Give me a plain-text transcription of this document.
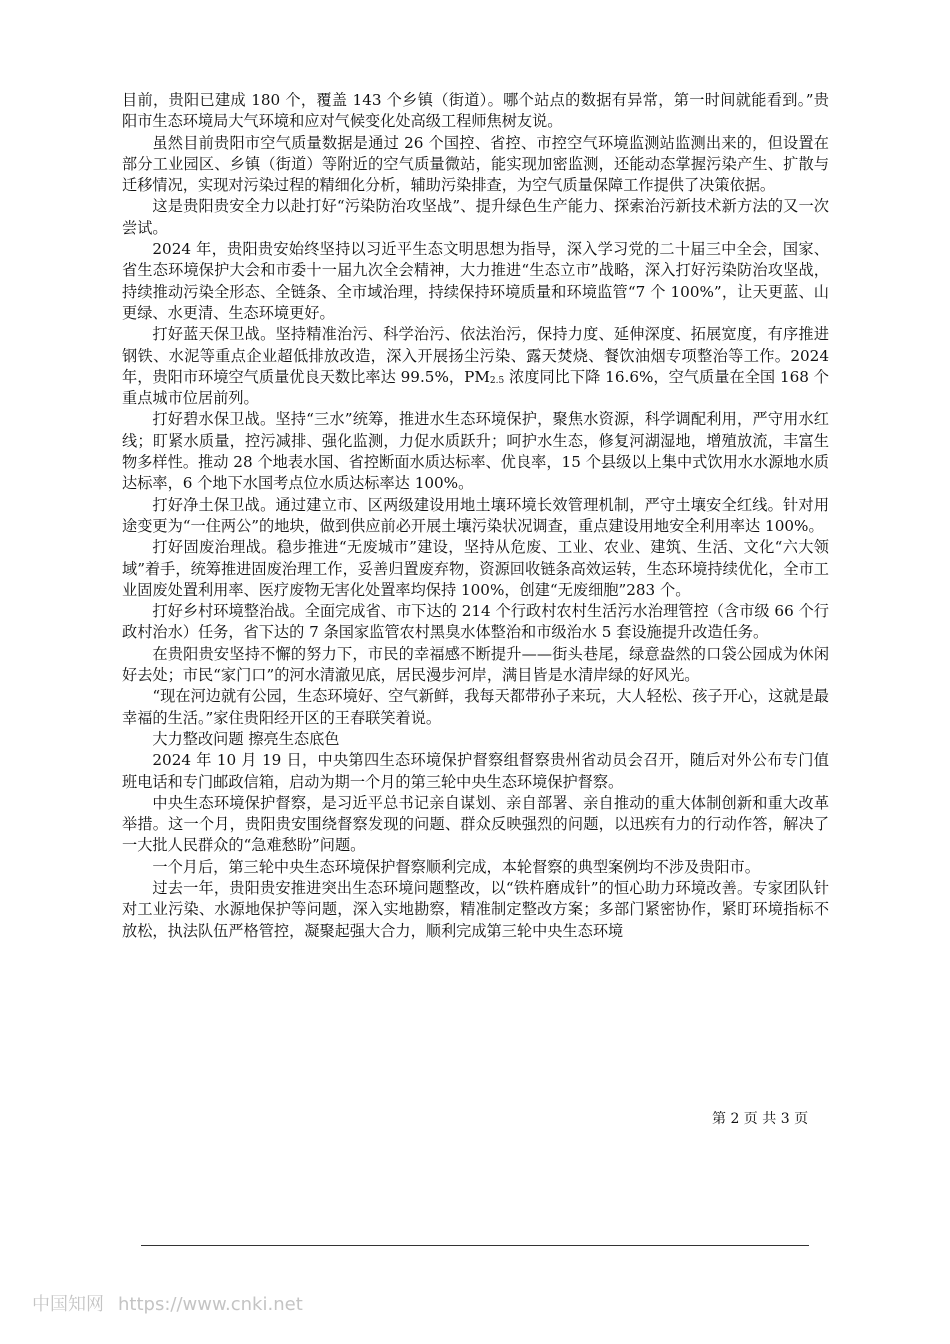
目前，贵阳已建成 180 个，覆盖 143 个乡镇（街道）。哪个站点的数据有异常，第一时间就能看到。”贵阳市生态环境局大气环境和应对气候变化处高级工程师焦树友说。

虽然目前贵阳市空气质量数据是通过 26 个国控、省控、市控空气环境监测站监测出来的，但设置在部分工业园区、乡镇（街道）等附近的空气质量微站，能实现加密监测，还能动态掌握污染产生、扩散与迁移情况，实现对污染过程的精细化分析，辅助污染排查，为空气质量保障工作提供了决策依据。

这是贵阳贵安全力以赴打好“污染防治攻坚战”、提升绿色生产能力、探索治污新技术新方法的又一次尝试。

2024 年，贵阳贵安始终坚持以习近平生态文明思想为指导，深入学习党的二十届三中全会，国家、省生态环境保护大会和市委十一届九次全会精神，大力推进“生态立市”战略，深入打好污染防治攻坚战，持续推动污染全形态、全链条、全市域治理，持续保持环境质量和环境监管“7 个 100%”，让天更蓝、山更绿、水更清、生态环境更好。

打好蓝天保卫战。坚持精准治污、科学治污、依法治污，保持力度、延伸深度、拓展宽度，有序推进钢铁、水泥等重点企业超低排放改造，深入开展扬尘污染、露天焚烧、餐饮油烟专项整治等工作。2024 年，贵阳市环境空气质量优良天数比率达 99.5%，$PM_{2.5}$ 浓度同比下降 16.6%，空气质量在全国 168 个重点城市位居前列。

打好碧水保卫战。坚持“三水”统筹，推进水生态环境保护，聚焦水资源，科学调配利用，严守用水红线；盯紧水质量，控污减排、强化监测，力促水质跃升；呵护水生态，修复河湖湿地，增殖放流，丰富生物多样性。推动 28 个地表水国、省控断面水质达标率、优良率，15 个县级以上集中式饮用水水源地水质达标率，6 个地下水国考点位水质达标率达 100%。

打好净土保卫战。通过建立市、区两级建设用地土壤环境长效管理机制，严守土壤安全红线。针对用途变更为“一住两公”的地块，做到供应前必开展土壤污染状况调查，重点建设用地安全利用率达 100%。

打好固废治理战。稳步推进“无废城市”建设，坚持从危废、工业、农业、建筑、生活、文化“六大领域”着手，统筹推进固废治理工作，妥善归置废弃物，资源回收链条高效运转，生态环境持续优化，全市工业固废处置利用率、医疗废物无害化处置率均保持 100%，创建“无废细胞”283 个。

打好乡村环境整治战。全面完成省、市下达的 214 个行政村农村生活污水治理管控（含市级 66 个行政村治水）任务，省下达的 7 条国家监管农村黑臭水体整治和市级治水 5 套设施提升改造任务。

在贵阳贵安坚持不懈的努力下，市民的幸福感不断提升——街头巷尾，绿意盎然的口袋公园成为休闲好去处；市民“家门口”的河水清澈见底，居民漫步河岸，满目皆是水清岸绿的好风光。

“现在河边就有公园，生态环境好、空气新鲜，我每天都带孙子来玩，大人轻松、孩子开心，这就是最幸福的生活。”家住贵阳经开区的王春联笑着说。

大力整改问题 擦亮生态底色

2024 年 10 月 19 日，中央第四生态环境保护督察组督察贵州省动员会召开，随后对外公布专门值班电话和专门邮政信箱，启动为期一个月的第三轮中央生态环境保护督察。

中央生态环境保护督察，是习近平总书记亲自谋划、亲自部署、亲自推动的重大体制创新和重大改革举措。这一个月，贵阳贵安围绕督察发现的问题、群众反映强烈的问题，以迅疾有力的行动作答，解决了一大批人民群众的“急难愁盼”问题。

一个月后，第三轮中央生态环境保护督察顺利完成，本轮督察的典型案例均不涉及贵阳市。

过去一年，贵阳贵安推进突出生态环境问题整改，以“铁杵磨成针”的恒心助力环境改善。专家团队针对工业污染、水源地保护等问题，深入实地勘察，精准制定整改方案；多部门紧密协作，紧盯环境指标不放松，执法队伍严格管控，凝聚起强大合力，顺利完成第三轮中央生态环境

第 2 页 共 3 页
中国知网 https://www.cnki.net
